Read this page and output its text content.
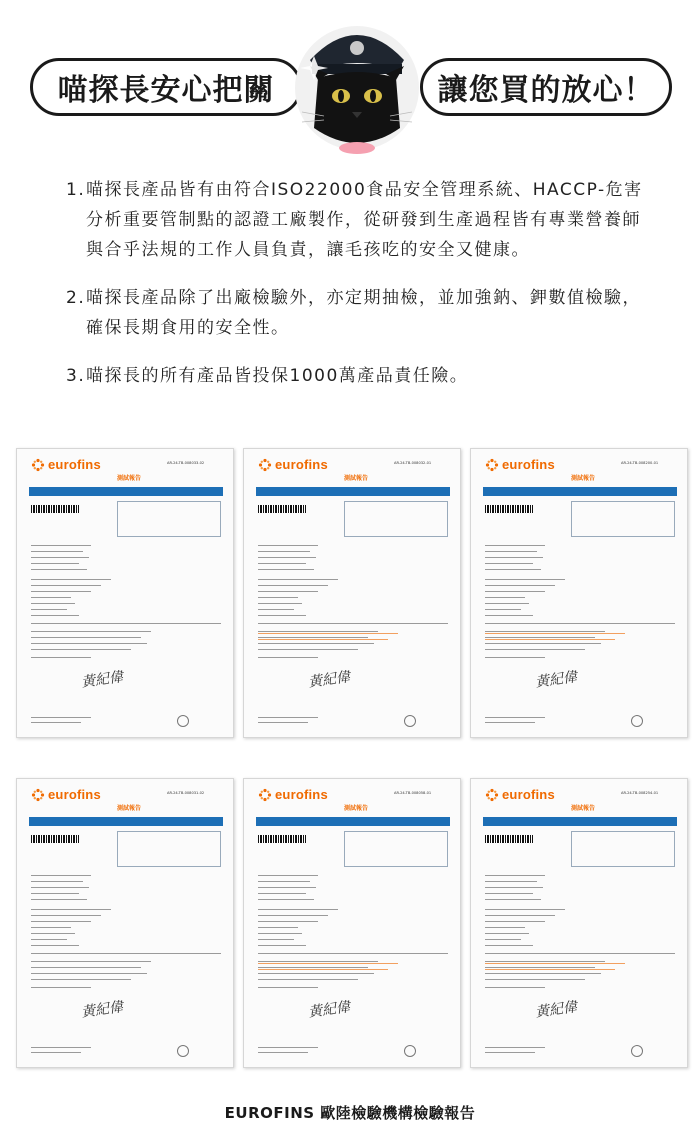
喵探長安心把關	讓您買的放心！
1. 喵探長產品皆有由符合ISO22000食品安全管理系統、HACCP-危害分析重要管制點的認證工廠製作，從研發到生產過程皆有專業營養師與合乎法規的工作人員負責，讓毛孩吃的安全又健康。
2. 喵探長產品除了出廠檢驗外，亦定期抽檢，並加強鈉、鉀數值檢驗，確保長期食用的安全性。
3. 喵探長的所有產品皆投保1000萬產品責任險。
eurofins
測試報告
AR-24-TB-008033-02
黃紀偉
eurofins
測試報告
AR-24-TB-008032-01
黃紀偉
eurofins
測試報告
AR-24-TB-008200-01
黃紀偉
eurofins
測試報告
AR-24-TB-008031-02
黃紀偉
eurofins
測試報告
AR-24-TB-008058-01
黃紀偉
eurofins
測試報告
AR-24-TB-008254-01
黃紀偉
EUROFINS 歐陸檢驗機構檢驗報告
